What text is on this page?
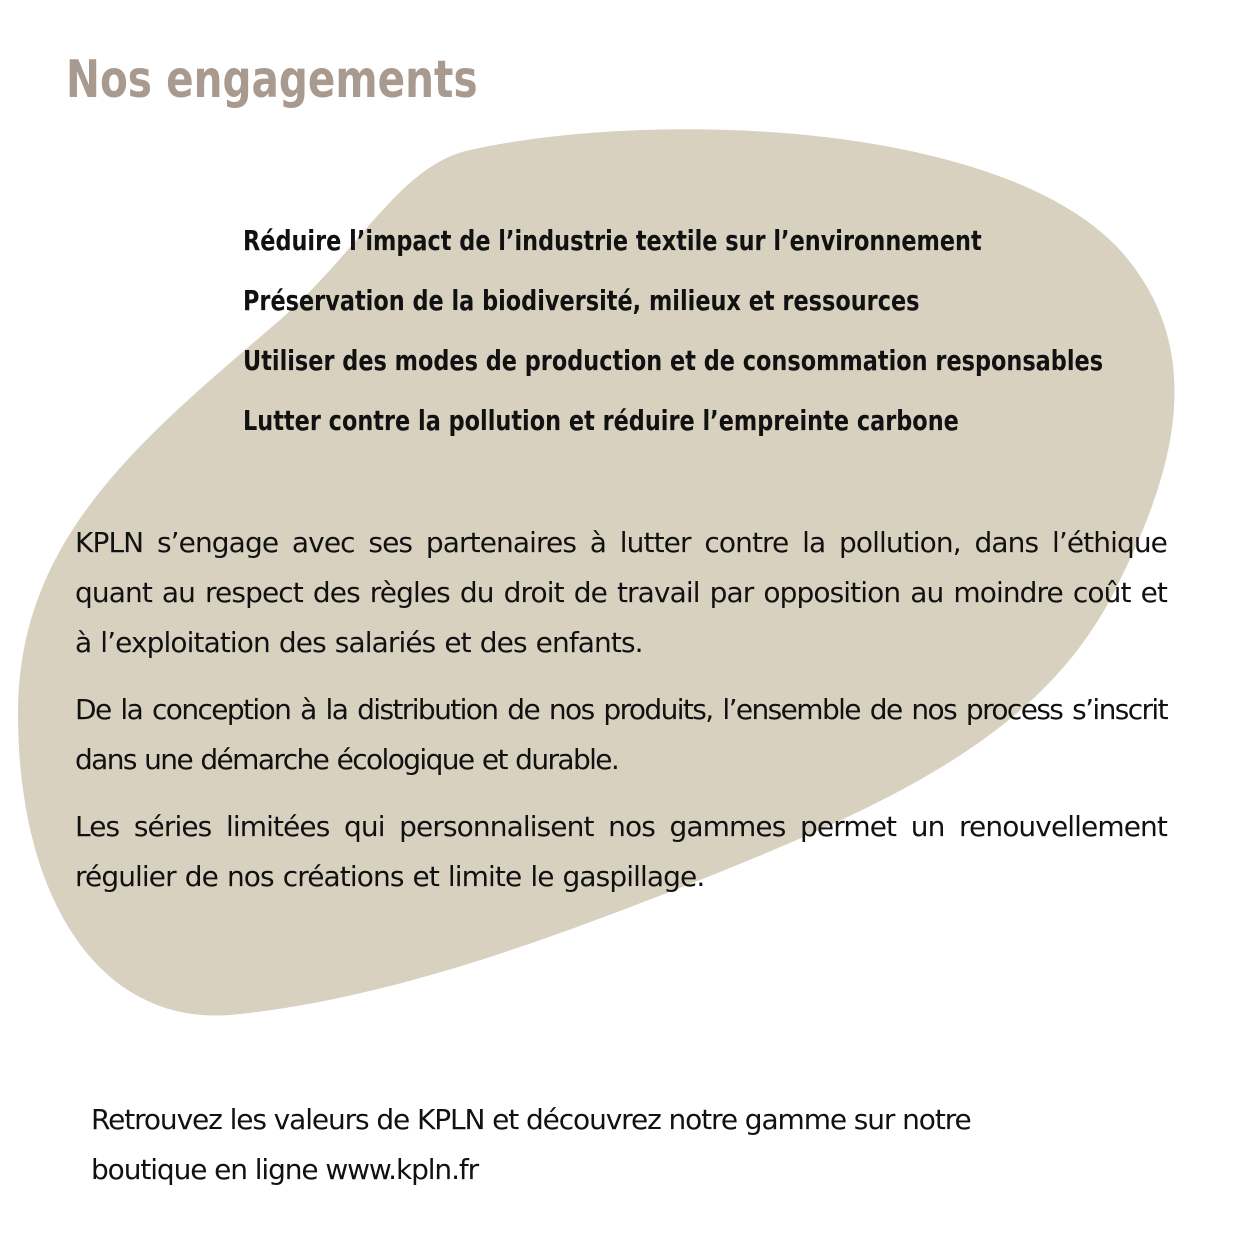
Nos engagements
Réduire l’impact de l’industrie textile sur l’environnement
Préservation de la biodiversité, milieux et ressources
Utiliser des modes de production et de consommation responsables
Lutter contre la pollution et réduire l’empreinte carbone

KPLN s’engage avec ses partenaires à lutter contre la pollution, dans l’éthique quant au respect des règles du droit de travail par opposition au moindre coût et à l’exploitation des salariés et des enfants.

De la conception à la distribution de nos produits, l’ensemble de nos process s’inscrit dans une démarche écologique et durable.

Les séries limitées qui personnalisent nos gammes permet un renouvellement régulier de nos créations et limite le gaspillage.

Retrouvez les valeurs de KPLN et découvrez notre gamme sur notre boutique en ligne www.kpln.fr
